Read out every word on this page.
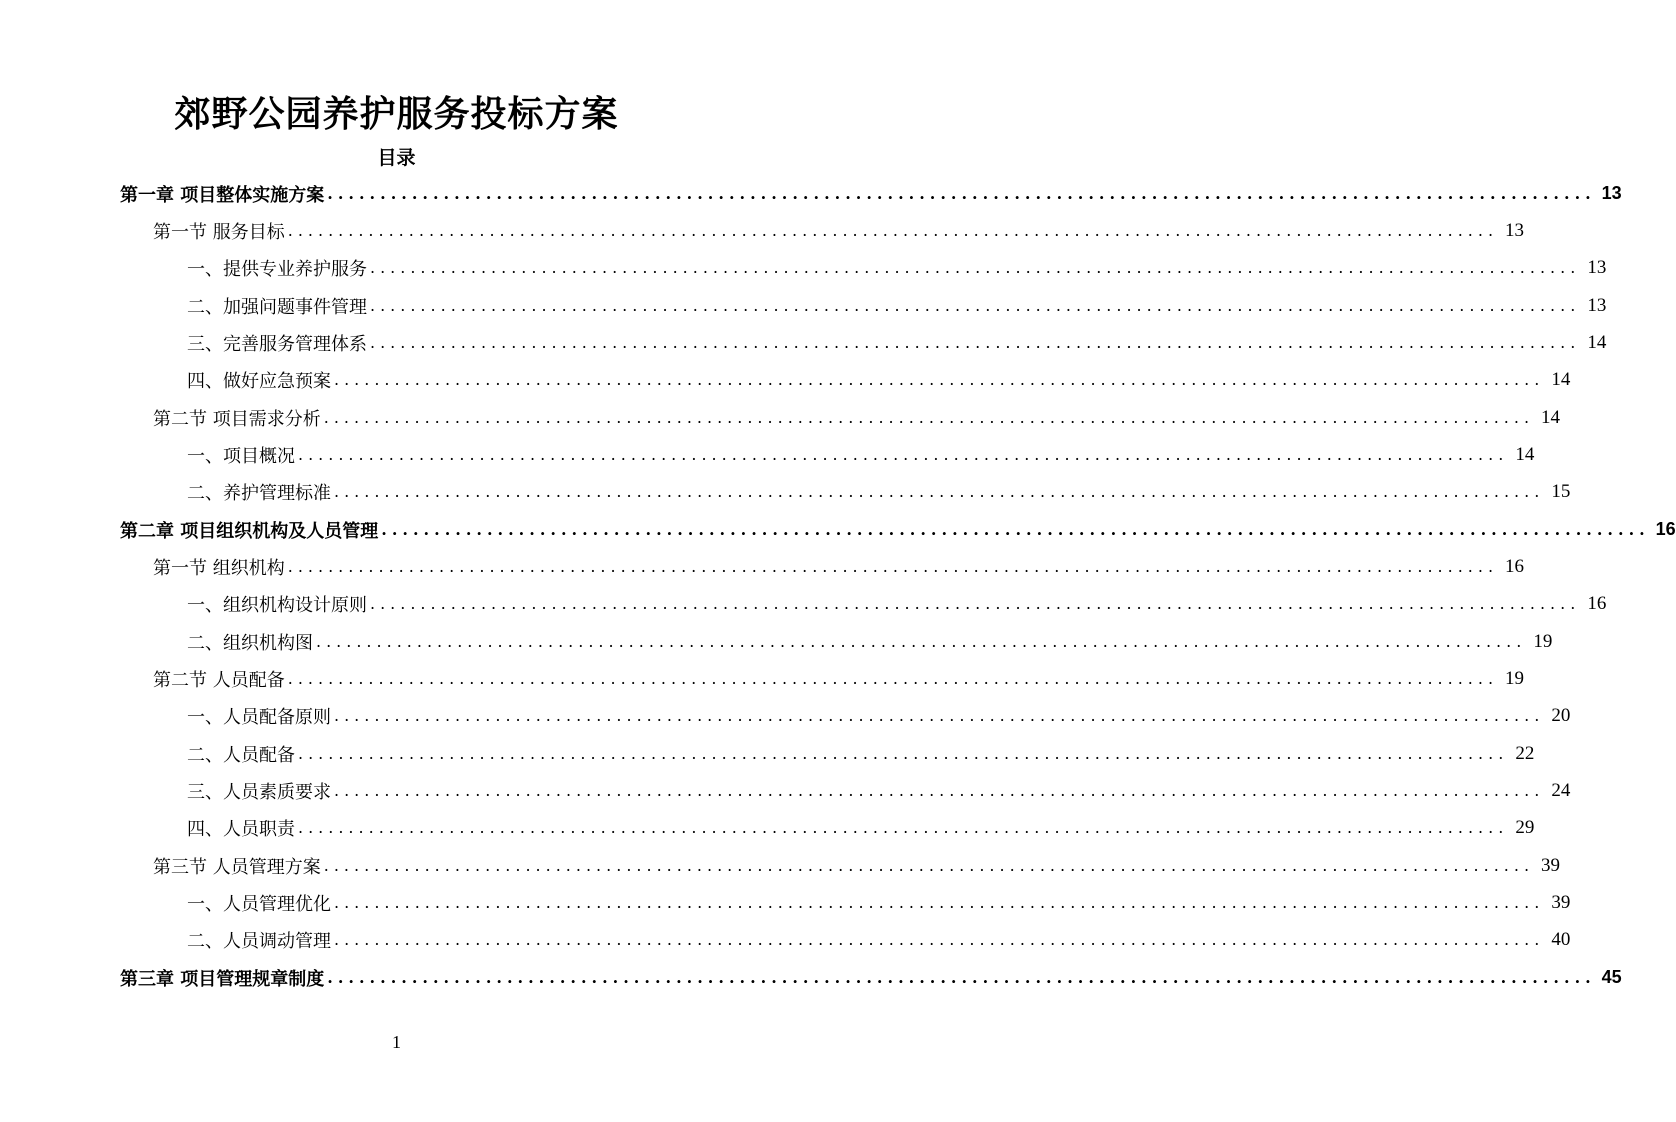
郊野公园养护服务投标方案
目录
第一章 项目整体实施方案 ........................................................................................................................ 13
第一节 服务目标 ........................................................................................................................ 13
一、提供专业养护服务 ........................................................................................................................ 13
二、加强问题事件管理 ........................................................................................................................ 13
三、完善服务管理体系 ........................................................................................................................ 14
四、做好应急预案 ........................................................................................................................ 14
第二节 项目需求分析 ........................................................................................................................ 14
一、项目概况 ........................................................................................................................ 14
二、养护管理标准 ........................................................................................................................ 15
第二章 项目组织机构及人员管理 ........................................................................................................................ 16
第一节 组织机构 ........................................................................................................................ 16
一、组织机构设计原则 ........................................................................................................................ 16
二、组织机构图 ........................................................................................................................ 19
第二节 人员配备 ........................................................................................................................ 19
一、人员配备原则 ........................................................................................................................ 20
二、人员配备 ........................................................................................................................ 22
三、人员素质要求 ........................................................................................................................ 24
四、人员职责 ........................................................................................................................ 29
第三节 人员管理方案 ........................................................................................................................ 39
一、人员管理优化 ........................................................................................................................ 39
二、人员调动管理 ........................................................................................................................ 40
第三章 项目管理规章制度 ........................................................................................................................ 45
1
